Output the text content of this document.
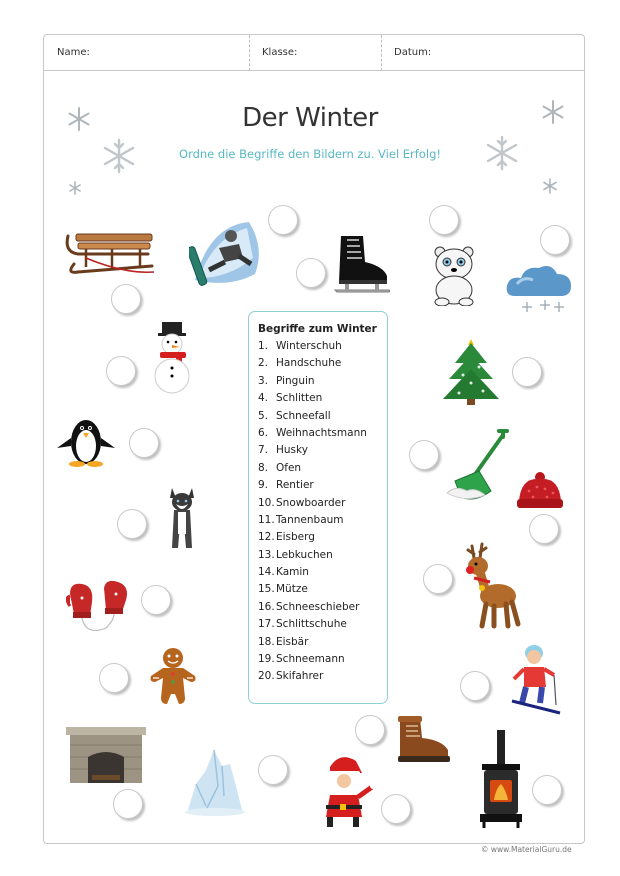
Name:	Klasse:	Datum:
Der Winter
Ordne die Begriffe den Bildern zu. Viel Erfolg!
Begriffe zum Winter
1. Winterschuh
2. Handschuhe
3. Pinguin
4. Schlitten
5. Schneefall
6. Weihnachtsmann
7. Husky
8. Ofen
9. Rentier
10.Snowboarder
11.Tannenbaum
12.Eisberg
13.Lebkuchen
14.Kamin
15.Mütze
16.Schneeschieber
17.Schlittschuhe
18.Eisbär
19.Schneemann
20.Skifahrer
© www.MaterialGuru.de
